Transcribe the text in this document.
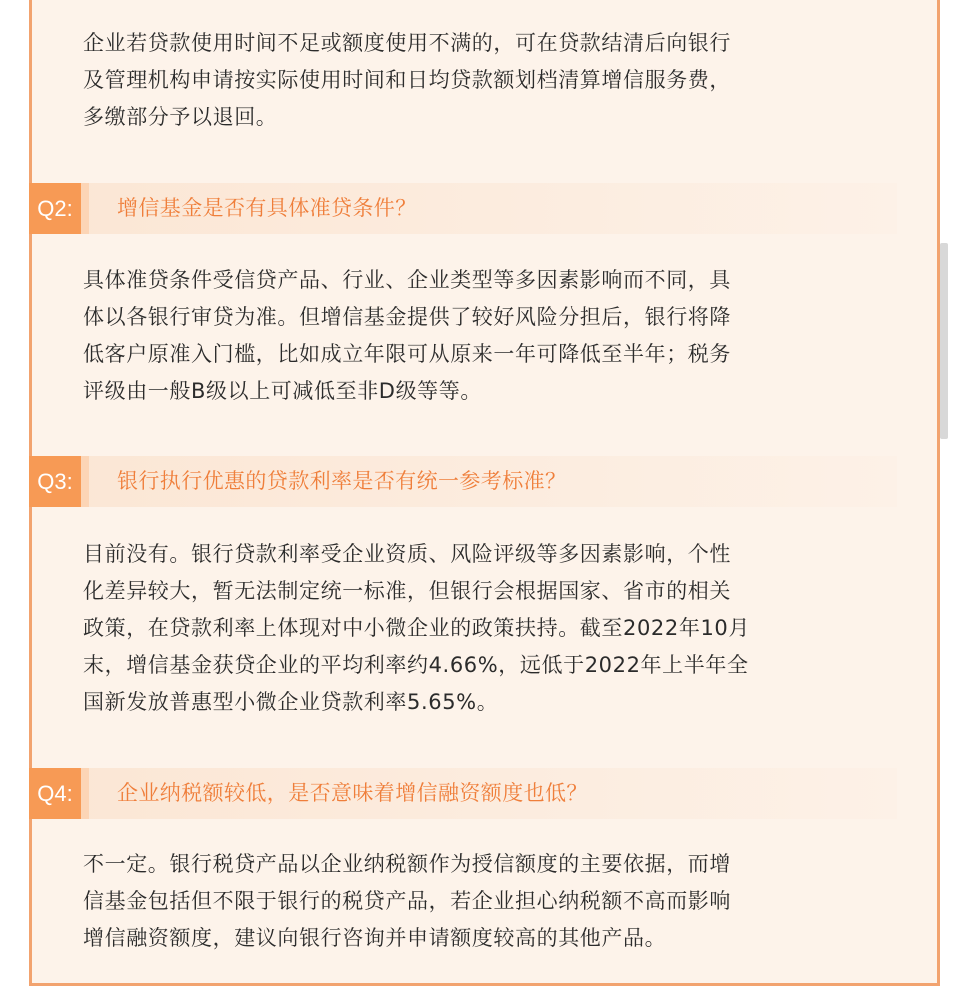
企业若贷款使用时间不足或额度使用不满的，可在贷款结清后向银行
及管理机构申请按实际使用时间和日均贷款额划档清算增信服务费，
多缴部分予以退回。

Q2:	增信基金是否有具体准贷条件？

具体准贷条件受信贷产品、行业、企业类型等多因素影响而不同，具
体以各银行审贷为准。但增信基金提供了较好风险分担后，银行将降
低客户原准入门槛，比如成立年限可从原来一年可降低至半年；税务
评级由一般B级以上可减低至非D级等等。

Q3:	银行执行优惠的贷款利率是否有统一参考标准？

目前没有。银行贷款利率受企业资质、风险评级等多因素影响，个性
化差异较大，暂无法制定统一标准，但银行会根据国家、省市的相关
政策，在贷款利率上体现对中小微企业的政策扶持。截至2022年10月
末，增信基金获贷企业的平均利率约4.66%，远低于2022年上半年全
国新发放普惠型小微企业贷款利率5.65%。

Q4:	企业纳税额较低，是否意味着增信融资额度也低？

不一定。银行税贷产品以企业纳税额作为授信额度的主要依据，而增
信基金包括但不限于银行的税贷产品，若企业担心纳税额不高而影响
增信融资额度，建议向银行咨询并申请额度较高的其他产品。
